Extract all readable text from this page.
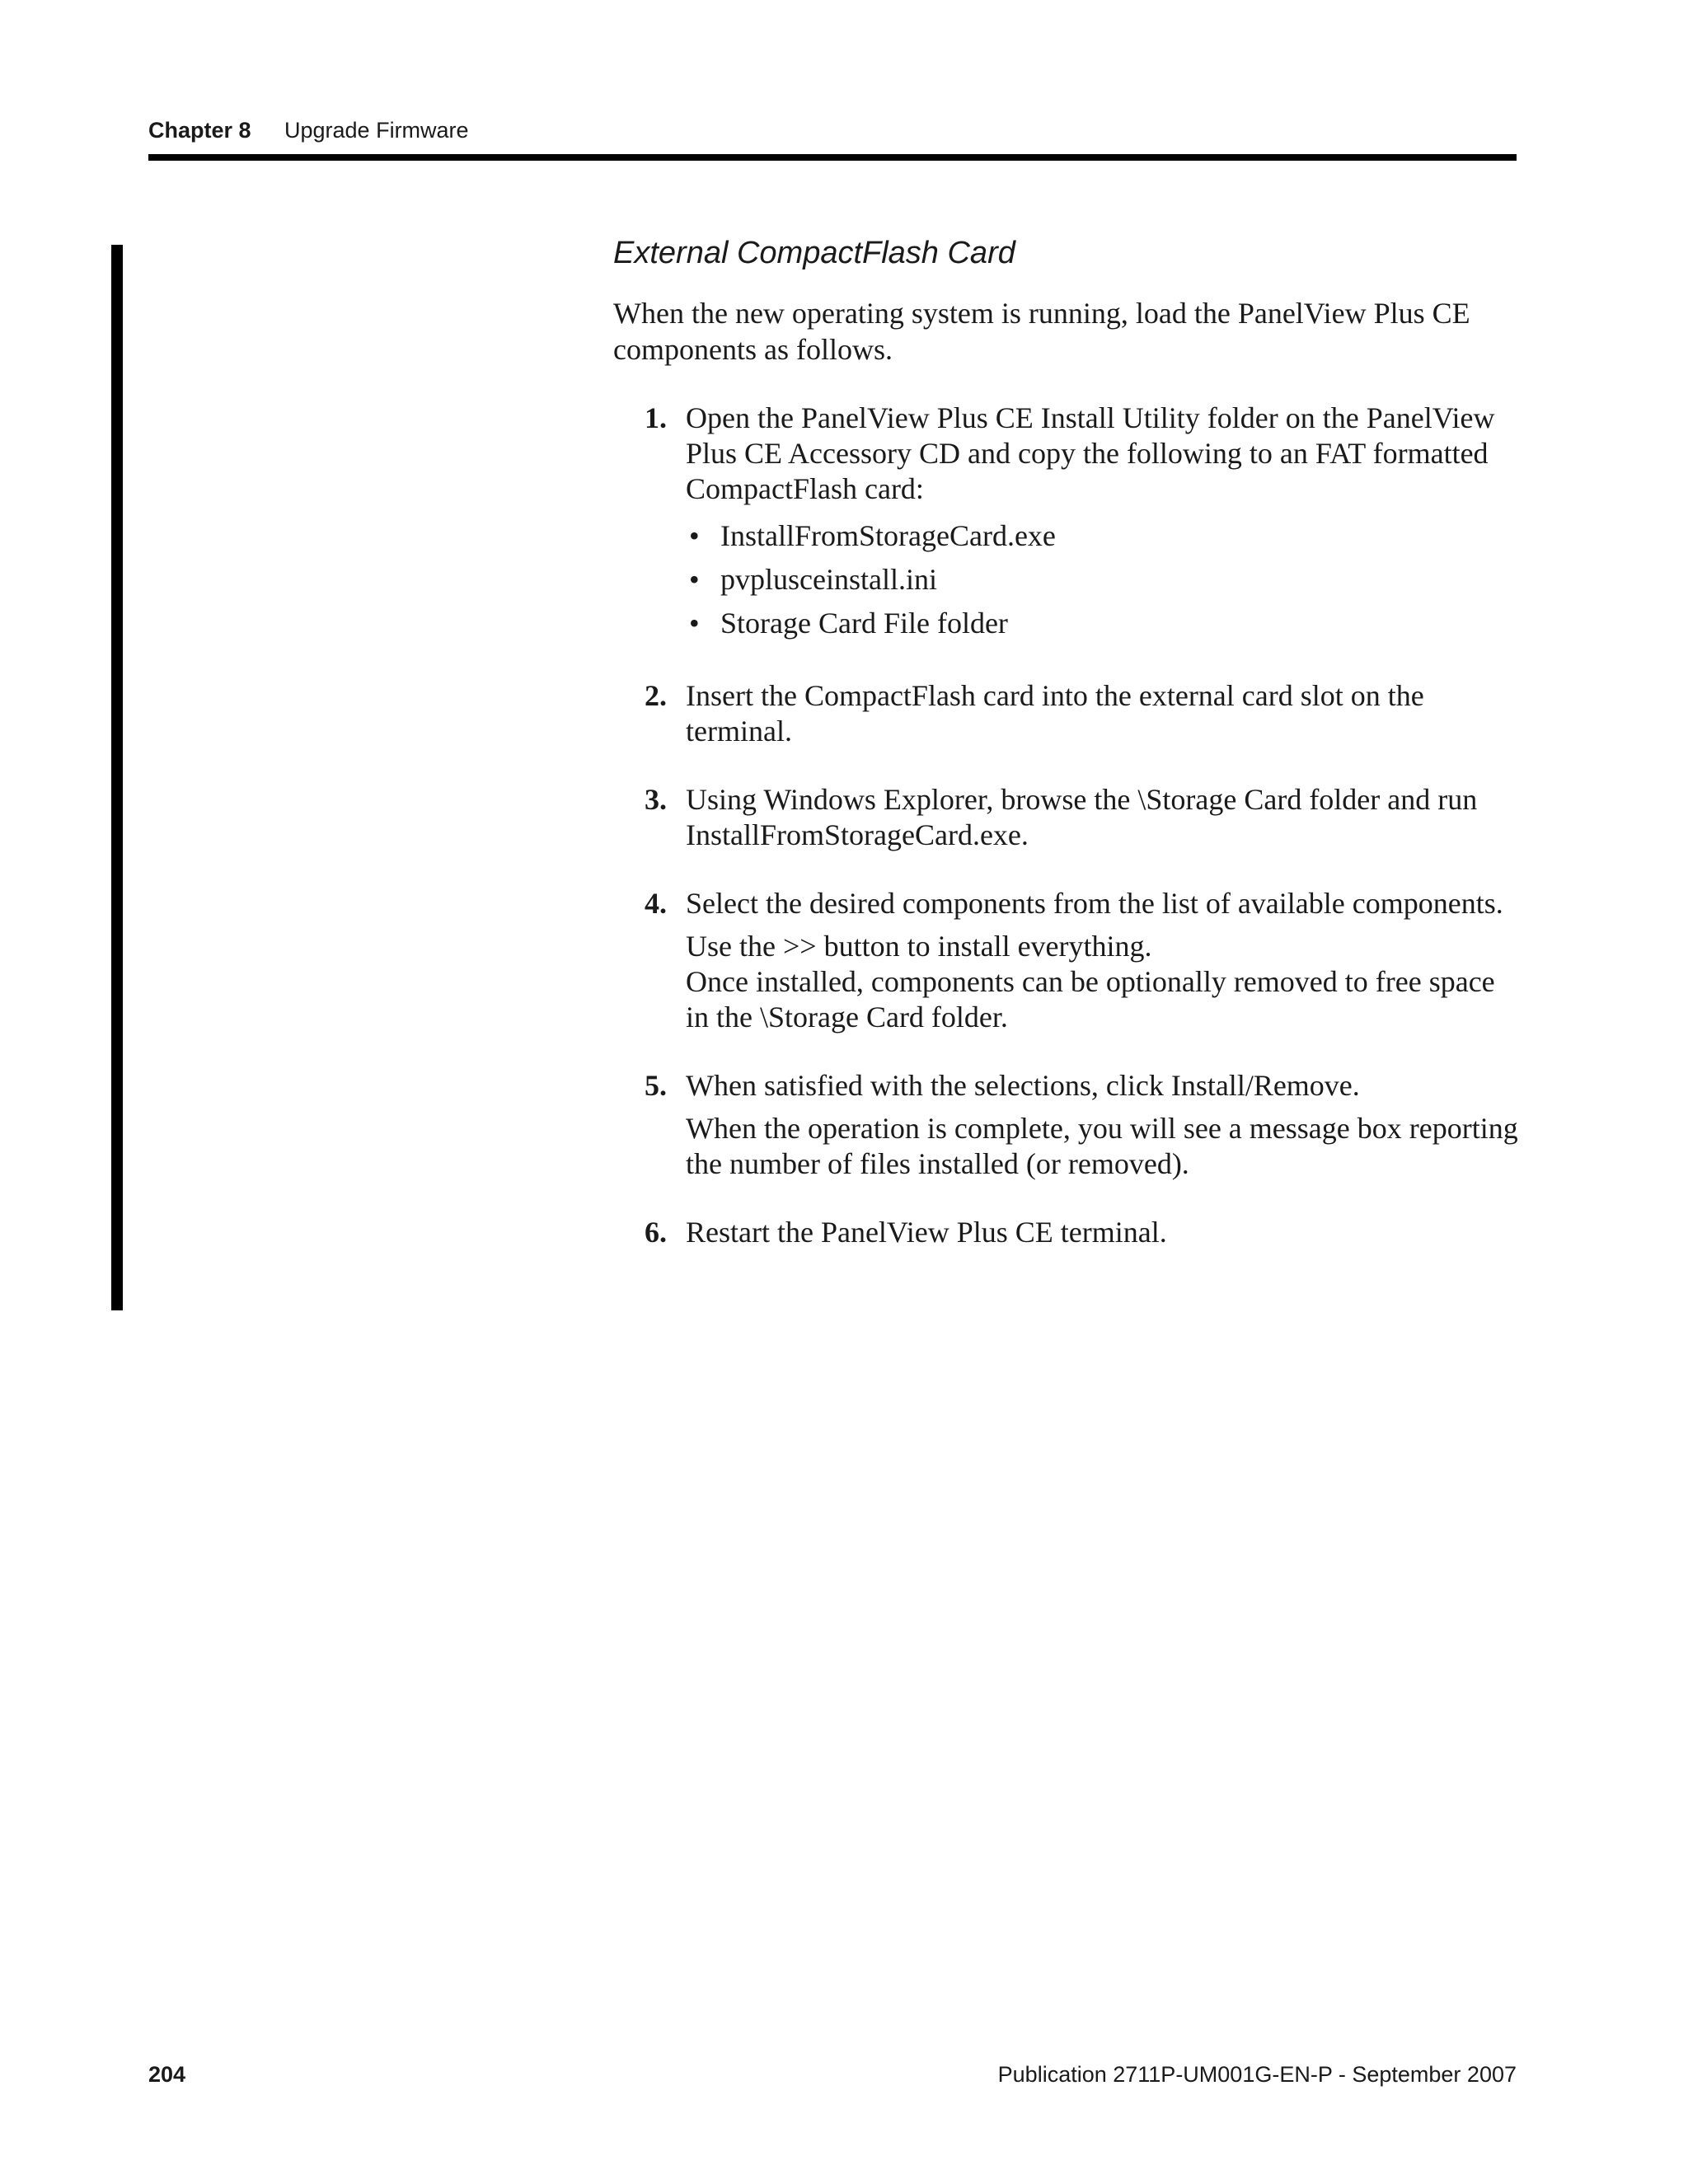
Chapter 8 Upgrade Firmware
External CompactFlash Card

When the new operating system is running, load the PanelView Plus CE components as follows.

1. Open the PanelView Plus CE Install Utility folder on the PanelView Plus CE Accessory CD and copy the following to an FAT formatted CompactFlash card:
• InstallFromStorageCard.exe
• pvplusceinstall.ini
• Storage Card File folder
2. Insert the CompactFlash card into the external card slot on the terminal.
3. Using Windows Explorer, browse the \Storage Card folder and run InstallFromStorageCard.exe.
4. Select the desired components from the list of available components.
Use the >> button to install everything.
Once installed, components can be optionally removed to free space in the \Storage Card folder.
5. When satisfied with the selections, click Install/Remove.
When the operation is complete, you will see a message box reporting the number of files installed (or removed).
6. Restart the PanelView Plus CE terminal.
204	Publication 2711P-UM001G-EN-P - September 2007
